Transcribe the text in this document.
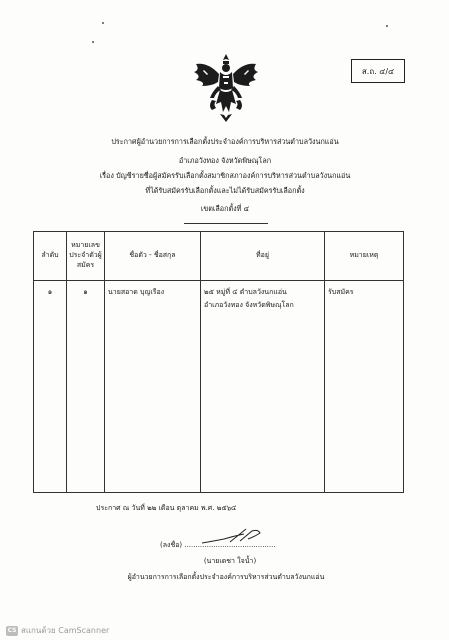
ส.ถ. ๔/๔
ประกาศผู้อำนวยการการเลือกตั้งประจำองค์การบริหารส่วนตำบลวังนกแอ่น
อำเภอวังทอง จังหวัดพิษณุโลก
เรื่อง บัญชีรายชื่อผู้สมัครรับเลือกตั้งสมาชิกสภาองค์การบริหารส่วนตำบลวังนกแอ่น
ที่ได้รับสมัครรับเลือกตั้งและไม่ได้รับสมัครรับเลือกตั้ง
เขตเลือกตั้งที่ ๔
ลำดับ	หมายเลขประจำตัวผู้สมัคร	ชื่อตัว - ชื่อสกุล	ที่อยู่	หมายเหตุ
๑	๑	นายสอาด บุญเรือง	๒๕ หมู่ที่ ๔ ตำบลวังนกแอ่น
อำเภอวังทอง จังหวัดพิษณุโลก	รับสมัคร
ประกาศ ณ วันที่ ๒๒ เดือน ตุลาคม พ.ศ. ๒๕๖๔
(ลงชื่อ) .........................................
(นายเดชา ใจน้ำ)
ผู้อำนวยการการเลือกตั้งประจำองค์การบริหารส่วนตำบลวังนกแอ่น
CS สแกนด้วย CamScanner
